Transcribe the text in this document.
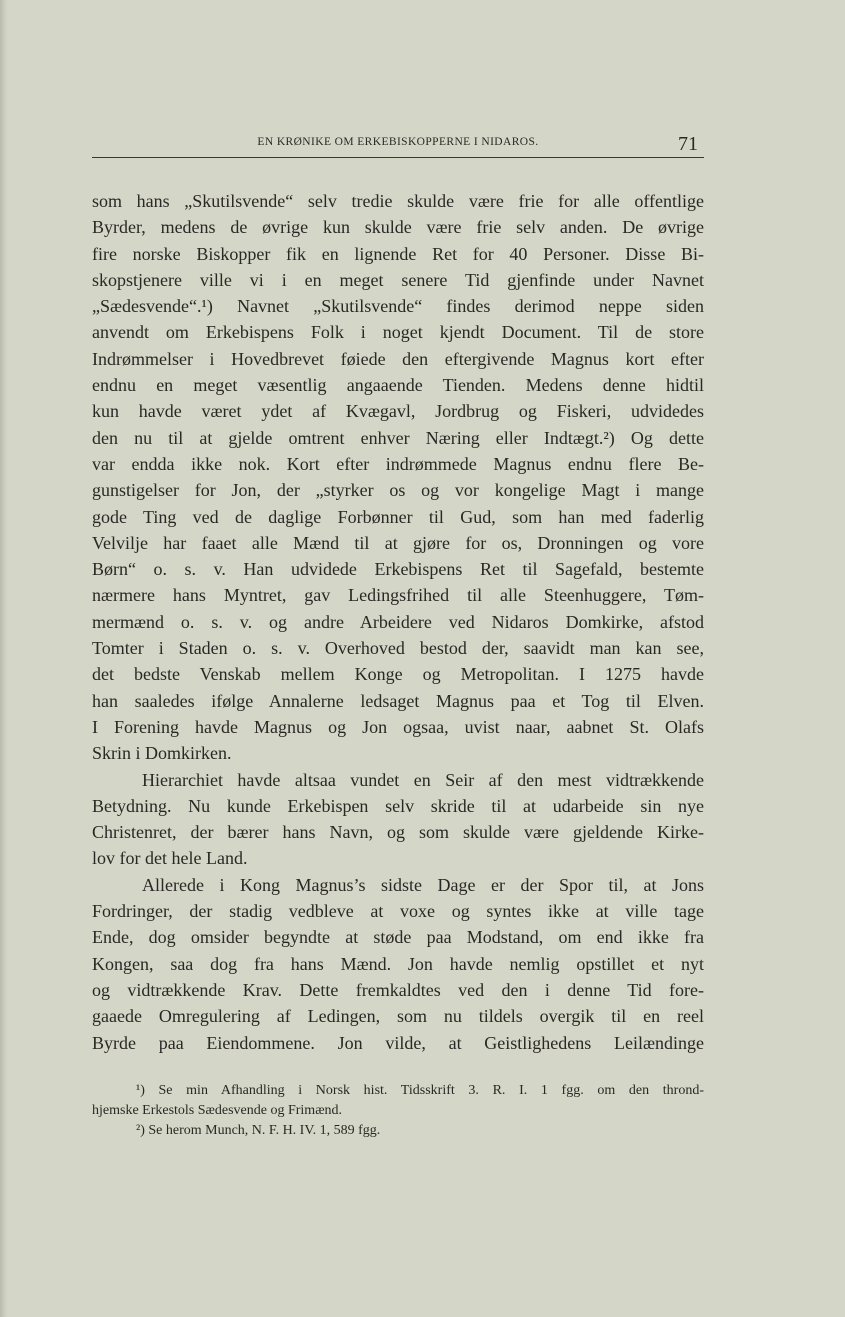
EN KRØNIKE OM ERKEBISKOPPERNE I NIDAROS.	71
som hans „Skutilsvende“ selv tredie skulde være frie for alle offentlige
Byrder, medens de øvrige kun skulde være frie selv anden. De øvrige
fire norske Biskopper fik en lignende Ret for 40 Personer. Disse Bi-
skopstjenere ville vi i en meget senere Tid gjenfinde under Navnet
„Sædesvende“.¹) Navnet „Skutilsvende“ findes derimod neppe siden
anvendt om Erkebispens Folk i noget kjendt Document. Til de store
Indrømmelser i Hovedbrevet føiede den eftergivende Magnus kort efter
endnu en meget væsentlig angaaende Tienden. Medens denne hidtil
kun havde været ydet af Kvægavl, Jordbrug og Fiskeri, udvidedes
den nu til at gjelde omtrent enhver Næring eller Indtægt.²) Og dette
var endda ikke nok. Kort efter indrømmede Magnus endnu flere Be-
gunstigelser for Jon, der „styrker os og vor kongelige Magt i mange
gode Ting ved de daglige Forbønner til Gud, som han med faderlig
Velvilje har faaet alle Mænd til at gjøre for os, Dronningen og vore
Børn“ o. s. v. Han udvidede Erkebispens Ret til Sagefald, bestemte
nærmere hans Myntret, gav Ledingsfrihed til alle Steenhuggere, Tøm-
mermænd o. s. v. og andre Arbeidere ved Nidaros Domkirke, afstod
Tomter i Staden o. s. v. Overhoved bestod der, saavidt man kan see,
det bedste Venskab mellem Konge og Metropolitan. I 1275 havde
han saaledes ifølge Annalerne ledsaget Magnus paa et Tog til Elven.
I Forening havde Magnus og Jon ogsaa, uvist naar, aabnet St. Olafs
Skrin i Domkirken.
Hierarchiet havde altsaa vundet en Seir af den mest vidtrækkende
Betydning. Nu kunde Erkebispen selv skride til at udarbeide sin nye
Christenret, der bærer hans Navn, og som skulde være gjeldende Kirke-
lov for det hele Land.
Allerede i Kong Magnus’s sidste Dage er der Spor til, at Jons
Fordringer, der stadig vedbleve at voxe og syntes ikke at ville tage
Ende, dog omsider begyndte at støde paa Modstand, om end ikke fra
Kongen, saa dog fra hans Mænd. Jon havde nemlig opstillet et nyt
og vidtrækkende Krav. Dette fremkaldtes ved den i denne Tid fore-
gaaede Omregulering af Ledingen, som nu tildels overgik til en reel
Byrde paa Eiendommene. Jon vilde, at Geistlighedens Leilændinge
¹) Se min Afhandling i Norsk hist. Tidsskrift 3. R. I. 1 fgg. om den thrond-
hjemske Erkestols Sædesvende og Frimænd.
²) Se herom Munch, N. F. H. IV. 1, 589 fgg.
